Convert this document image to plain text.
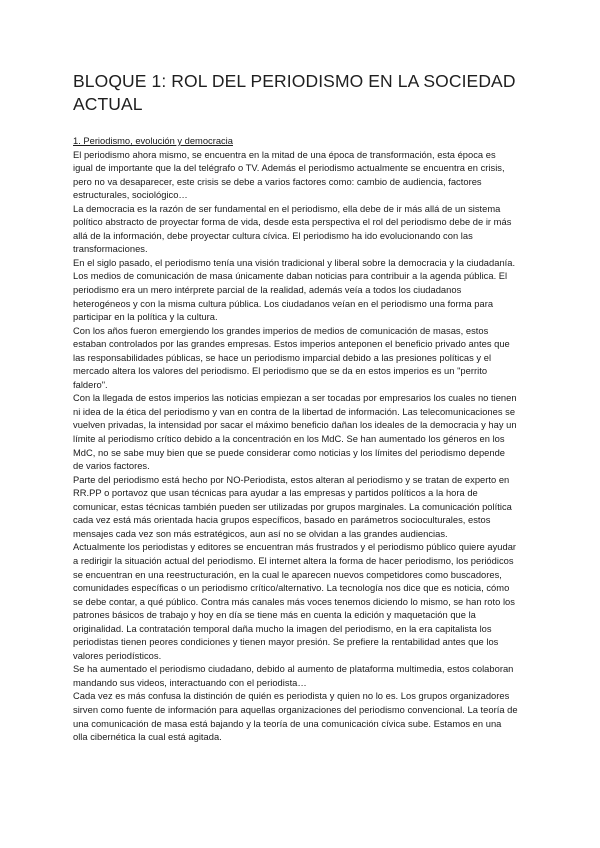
BLOQUE 1: ROL DEL PERIODISMO EN LA SOCIEDAD ACTUAL

1. Periodismo, evolución y democracia

El periodismo ahora mismo, se encuentra en la mitad de una época de transformación, esta época es igual de importante que la del telégrafo o TV. Además el periodismo actualmente se encuentra en crisis, pero no va desaparecer, este crisis se debe a varios factores como: cambio de audiencia, factores estructurales, sociológico…

La democracia es la razón de ser fundamental en el periodismo, ella debe de ir más allá de un sistema político abstracto de proyectar forma de vida, desde esta perspectiva el rol del periodismo debe de ir más allá de la información, debe proyectar cultura cívica. El periodismo ha ido evolucionando con las transformaciones.

En el siglo pasado, el periodismo tenía una visión tradicional y liberal sobre la democracia y la ciudadanía. Los medios de comunicación de masa únicamente daban noticias para contribuir a la agenda pública. El periodismo era un mero intérprete parcial de la realidad, además veía a todos los ciudadanos heterogéneos y con la misma cultura pública. Los ciudadanos veían en el periodismo una forma para participar en la política y la cultura.

Con los años fueron emergiendo los grandes imperios de medios de comunicación de masas, estos estaban controlados por las grandes empresas. Estos imperios anteponen el beneficio privado antes que las responsabilidades públicas, se hace un periodismo imparcial debido a las presiones políticas y el mercado altera los valores del periodismo. El periodismo que se da en estos imperios es un "perrito faldero".

Con la llegada de estos imperios las noticias empiezan a ser tocadas por empresarios los cuales no tienen ni idea de la ética del periodismo y van en contra de la libertad de información. Las telecomunicaciones se vuelven privadas, la intensidad por sacar el máximo beneficio dañan los ideales de la democracia y hay un límite al periodismo crítico debido a la concentración en los MdC. Se han aumentado los géneros en los MdC, no se sabe muy bien que se puede considerar como noticias y los límites del periodismo depende de varios factores.

Parte del periodismo está hecho por NO-Periodista, estos alteran al periodismo y se tratan de experto en RR.PP o portavoz que usan técnicas para ayudar a las empresas y partidos políticos a la hora de comunicar, estas técnicas también pueden ser utilizadas por grupos marginales. La comunicación política cada vez está más orientada hacia grupos específicos, basado en parámetros socioculturales, estos mensajes cada vez son más estratégicos, aun así no se olvidan a las grandes audiencias.

Actualmente los periodistas y editores se encuentran más frustrados y el periodismo público quiere ayudar a redirigir la situación actual del periodismo. El internet altera la forma de hacer periodismo, los periódicos se encuentran en una reestructuración, en la cual le aparecen nuevos competidores como buscadores, comunidades específicas o un periodismo crítico/alternativo. La tecnología nos dice que es noticia, cómo se debe contar, a qué público. Contra más canales más voces tenemos diciendo lo mismo, se han roto los patrones básicos de trabajo y hoy en día se tiene más en cuenta la edición y maquetación que la originalidad. La contratación temporal daña mucho la imagen del periodismo, en la era capitalista los periodistas tienen peores condiciones y tienen mayor presión. Se prefiere la rentabilidad antes que los valores periodísticos.

Se ha aumentado el periodismo ciudadano, debido al aumento de plataforma multimedia, estos colaboran mandando sus videos, interactuando con el periodista…

Cada vez es más confusa la distinción de quién es periodista y quien no lo es. Los grupos organizadores sirven como fuente de información para aquellas organizaciones del periodismo convencional. La teoría de una comunicación de masa está bajando y la teoría de una comunicación cívica sube. Estamos en una olla cibernética la cual está agitada.
